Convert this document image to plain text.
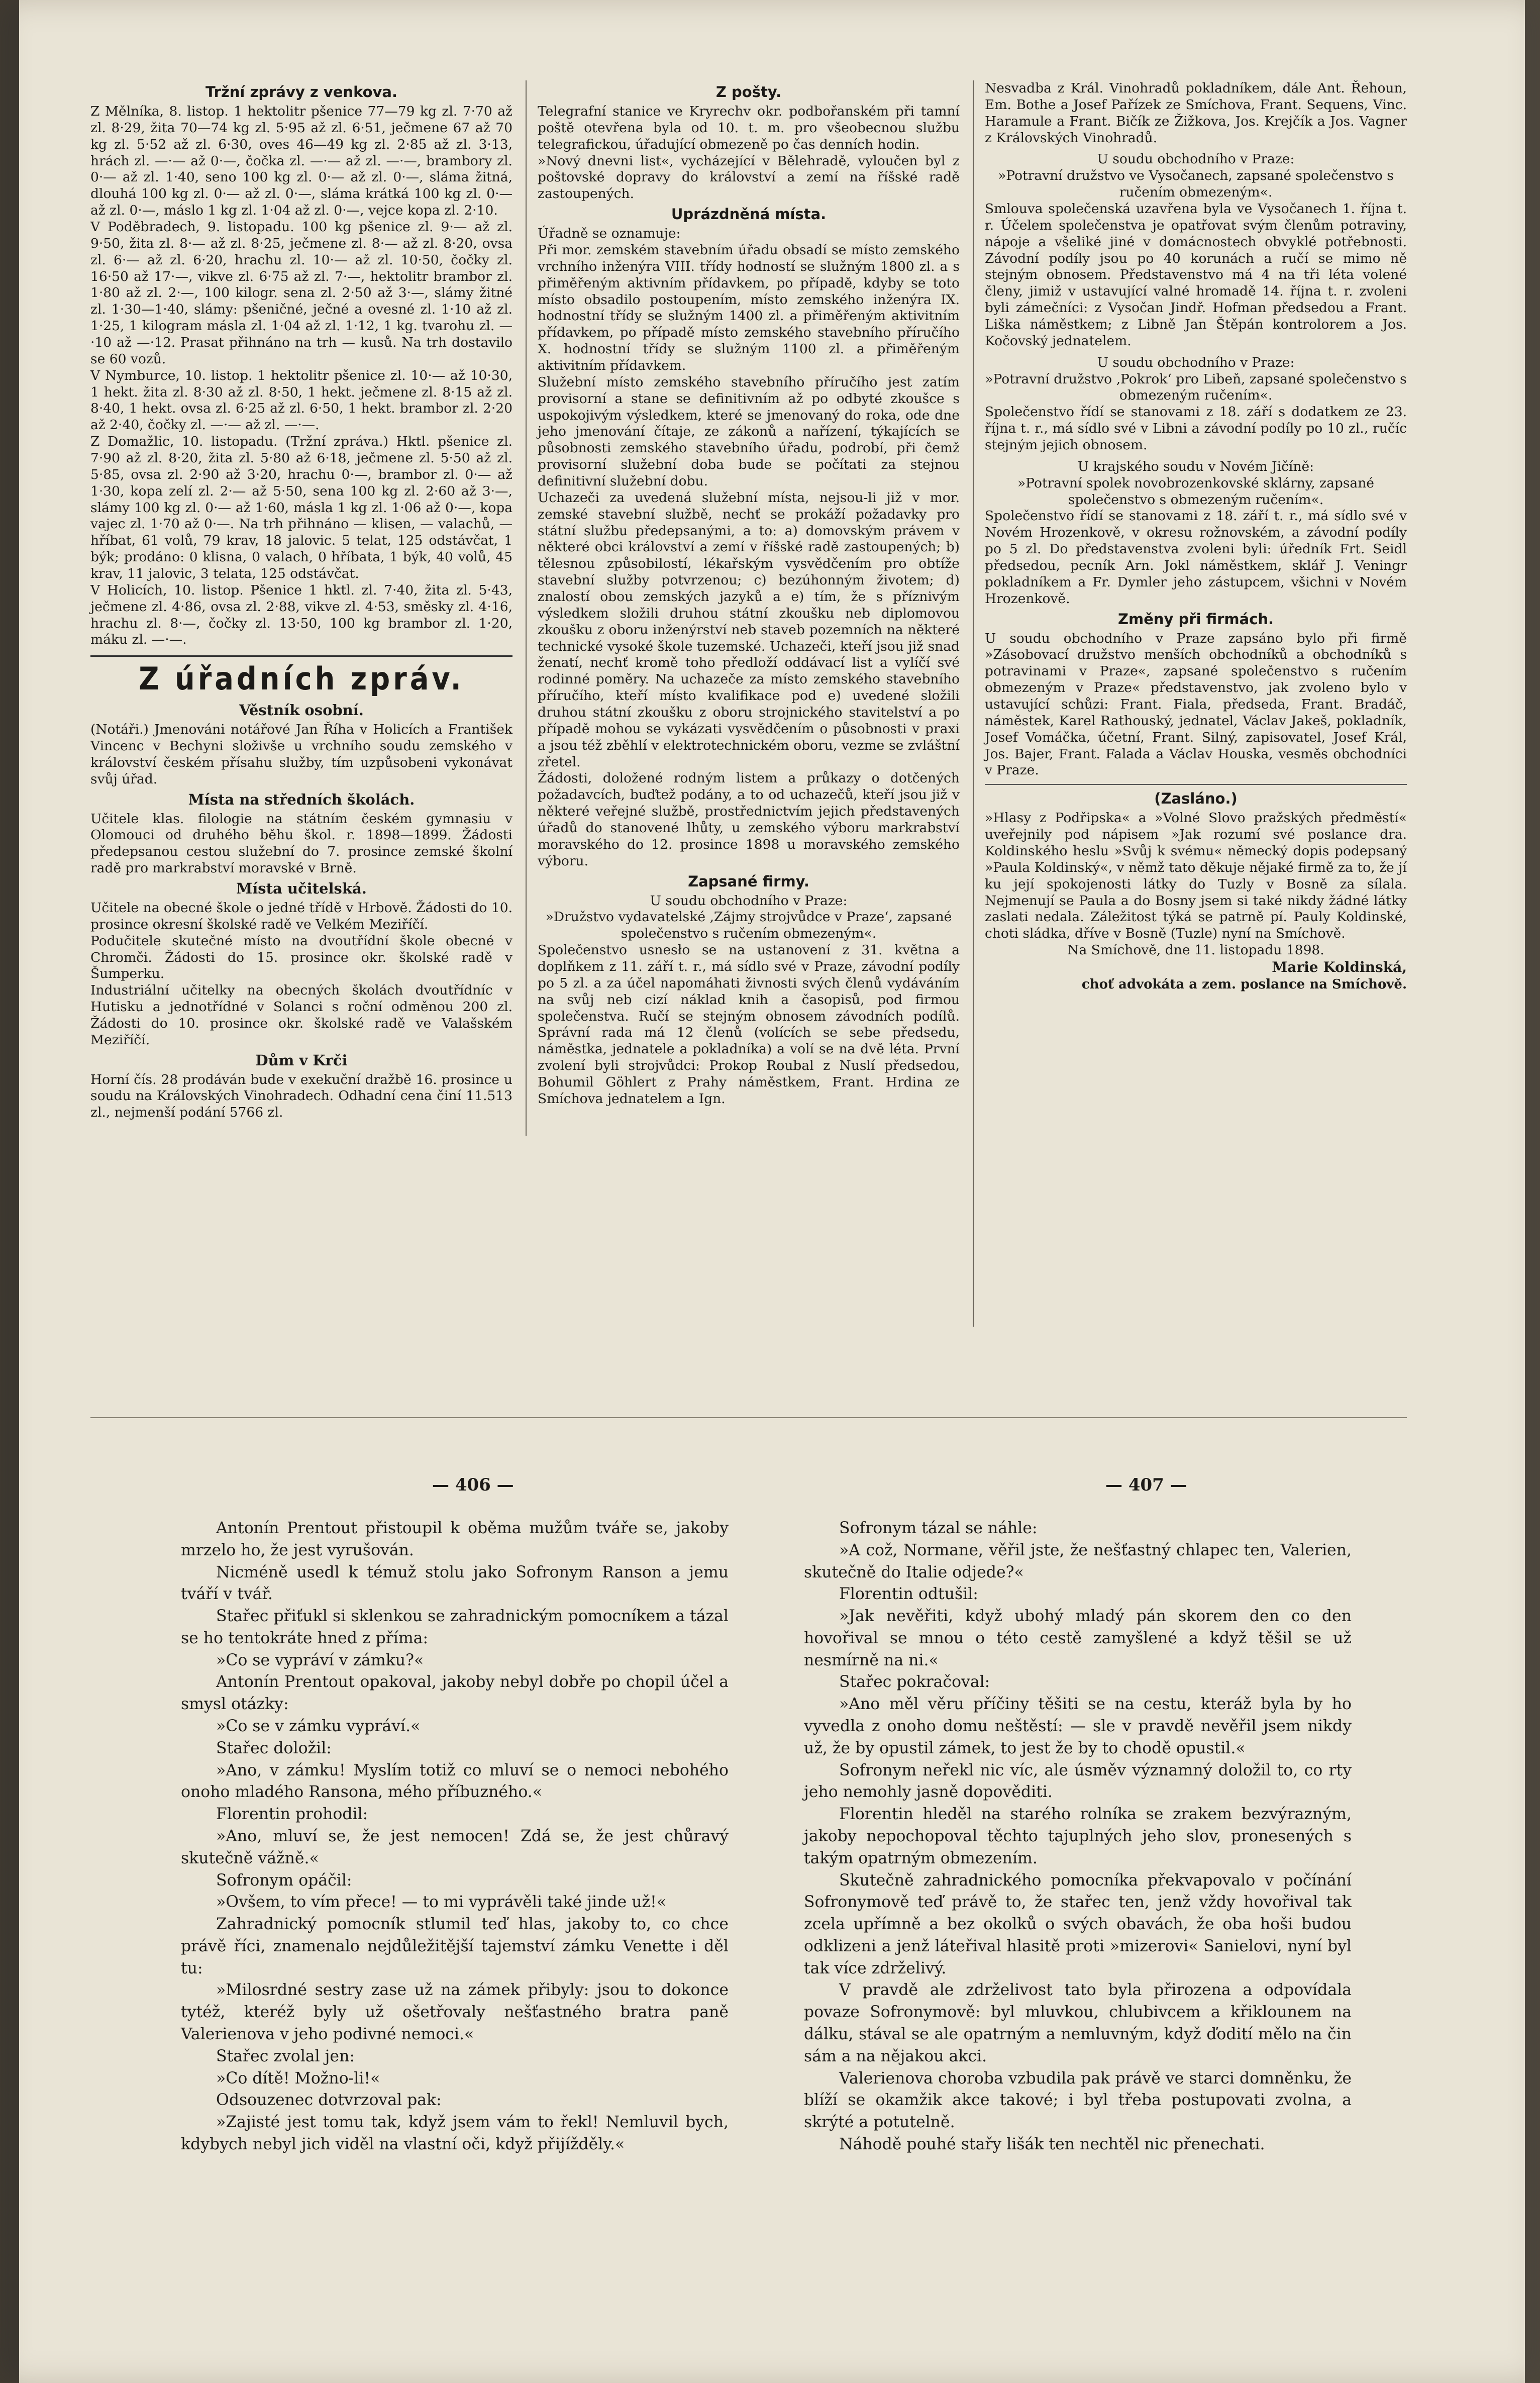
Tržní zprávy z venkova.

Z Mělníka, 8. listop. 1 hektolitr pšenice 77—79 kg zl. 7·70 až zl. 8·29, žita 70—74 kg zl. 5·95 až zl. 6·51, ječmene 67 až 70 kg zl. 5·52 až zl. 6·30, oves 46—49 kg zl. 2·85 až zl. 3·13, hrách zl. —·— až 0·—, čočka zl. —·— až zl. —·—, brambory zl. 0·— až zl. 1·40, seno 100 kg zl. 0·— až zl. 0·—, sláma žitná, dlouhá 100 kg zl. 0·— až zl. 0·—, sláma krátká 100 kg zl. 0·— až zl. 0·—, máslo 1 kg zl. 1·04 až zl. 0·—, vejce kopa zl. 2·10.

V Poděbradech, 9. listopadu. 100 kg pšenice zl. 9·— až zl. 9·50, žita zl. 8·— až zl. 8·25, ječmene zl. 8·— až zl. 8·20, ovsa zl. 6·— až zl. 6·20, hrachu zl. 10·— až zl. 10·50, čočky zl. 16·50 až 17·—, vikve zl. 6·75 až zl. 7·—, hektolitr brambor zl. 1·80 až zl. 2·—, 100 kilogr. sena zl. 2·50 až 3·—, slámy žitné zl. 1·30—1·40, slámy: pšeničné, ječné a ovesné zl. 1·10 až zl. 1·25, 1 kilogram másla zl. 1·04 až zl. 1·12, 1 kg. tvarohu zl. —·10 až —·12. Prasat přihnáno na trh — kusů. Na trh dostavilo se 60 vozů.

V Nymburce, 10. listop. 1 hektolitr pšenice zl. 10·— až 10·30, 1 hekt. žita zl. 8·30 až zl. 8·50, 1 hekt. ječmene zl. 8·15 až zl. 8·40, 1 hekt. ovsa zl. 6·25 až zl. 6·50, 1 hekt. brambor zl. 2·20 až 2·40, čočky zl. —·— až zl. —·—.

Z Domažlic, 10. listopadu. (Tržní zpráva.) Hktl. pšenice zl. 7·90 až zl. 8·20, žita zl. 5·80 až 6·18, ječmene zl. 5·50 až zl. 5·85, ovsa zl. 2·90 až 3·20, hrachu 0·—, brambor zl. 0·— až 1·30, kopa zelí zl. 2·— až 5·50, sena 100 kg zl. 2·60 až 3·—, slámy 100 kg zl. 0·— až 1·60, másla 1 kg zl. 1·06 až 0·—, kopa vajec zl. 1·70 až 0·—. Na trh přihnáno — klisen, — valachů, — hříbat, 61 volů, 79 krav, 18 jalovic. 5 telat, 125 odstávčat, 1 býk; prodáno: 0 klisna, 0 valach, 0 hříbata, 1 býk, 40 volů, 45 krav, 11 jalovic, 3 telata, 125 odstávčat.

V Holicích, 10. listop. Pšenice 1 hktl. zl. 7·40, žita zl. 5·43, ječmene zl. 4·86, ovsa zl. 2·88, vikve zl. 4·53, směsky zl. 4·16, hrachu zl. 8·—, čočky zl. 13·50, 100 kg brambor zl. 1·20, máku zl. —·—.

Z úřadních zpráv.
Věstník osobní.

(Notáři.) Jmenováni notářové Jan Říha v Holicích a František Vincenc v Bechyni složivše u vrchního soudu zemského v království českém přísahu služby, tím uzpůsobeni vykonávat svůj úřad.

Místa na středních školách.

Učitele klas. filologie na státním českém gymnasiu v Olomouci od druhého běhu škol. r. 1898—1899. Žádosti předepsanou cestou služební do 7. prosince zemské školní radě pro markrabství moravské v Brně.

Místa učitelská.

Učitele na obecné škole o jedné třídě v Hrbově. Žádosti do 10. prosince okresní školské radě ve Velkém Meziříčí.

Podučitele skutečné místo na dvoutřídní škole obecné v Chromči. Žádosti do 15. prosince okr. školské radě v Šumperku.

Industriální učitelky na obecných školách dvoutřídníc v Hutisku a jednotřídné v Solanci s roční odměnou 200 zl. Žádosti do 10. prosince okr. školské radě ve Valašském Meziříčí.

Dům v Krči

Horní čís. 28 prodáván bude v exekuční dražbě 16. prosince u soudu na Královských Vinohradech. Odhadní cena činí 11.513 zl., nejmenší podání 5766 zl.

Z pošty.

Telegrafní stanice ve Kryrechv okr. podbořanském při tamní poště otevřena byla od 10. t. m. pro všeobecnou službu telegrafickou, úřadující obmezeně po čas denních hodin.

»Nový dnevni list«, vycházející v Bělehradě, vyloučen byl z poštovské dopravy do království a zemí na říšské radě zastoupených.

Uprázdněná místa.

Úřadně se oznamuje:

Při mor. zemském stavebním úřadu obsadí se místo zemského vrchního inženýra VIII. třídy hodností se služným 1800 zl. a s přiměřeným aktivním přídavkem, po případě, kdyby se toto místo obsadilo postoupením, místo zemského inženýra IX. hodnostní třídy se služným 1400 zl. a přiměřeným aktivitním přídavkem, po případě místo zemského stavebního příručího X. hodnostní třídy se služným 1100 zl. a přiměřeným aktivitním přídavkem.

Služební místo zemského stavebního příručího jest zatím provisorní a stane se definitivním až po odbyté zkoušce s uspokojivým výsledkem, které se jmenovaný do roka, ode dne jeho jmenování čítaje, ze zákonů a nařízení, týkajících se působnosti zemského stavebního úřadu, podrobí, při čemž provisorní služební doba bude se počítati za stejnou definitivní služební dobu.

Uchazeči za uvedená služební místa, nejsou-li již v mor. zemské stavební službě, nechť se prokáží požadavky pro státní službu předepsanými, a to: a) domovským právem v některé obci království a zemí v říšské radě zastoupených; b) tělesnou způsobilostí, lékařským vysvědčením pro obtíže stavební služby potvrzenou; c) bezúhonným životem; d) znalostí obou zemských jazyků a e) tím, že s příznivým výsledkem složili druhou státní zkoušku neb diplomovou zkoušku z oboru inženýrství neb staveb pozemních na některé technické vysoké škole tuzemské. Uchazeči, kteří jsou již snad ženatí, nechť kromě toho předloží oddávací list a vylíčí své rodinné poměry. Na uchazeče za místo zemského stavebního příručího, kteří místo kvalifikace pod e) uvedené složili druhou státní zkoušku z oboru strojnického stavitelství a po případě mohou se vykázati vysvědčením o působnosti v praxi a jsou též zběhlí v elektrotechnickém oboru, vezme se zvláštní zřetel.

Žádosti, doložené rodným listem a průkazy o dotčených požadavcích, buďtež podány, a to od uchazečů, kteří jsou již v některé veřejné službě, prostřednictvím jejich představených úřadů do stanovené lhůty, u zemského výboru markrabství moravského do 12. prosince 1898 u moravského zemského výboru.

Zapsané firmy.

U soudu obchodního v Praze:

»Družstvo vydavatelské ‚Zájmy strojvůdce v Praze‘, zapsané společenstvo s ručením obmezeným«.

Společenstvo usnesło se na ustanovení z 31. května a doplňkem z 11. září t. r., má sídlo své v Praze, závodní podíly po 5 zl. a za účel napomáhati živnosti svých členů vydáváním na svůj neb cizí náklad knih a časopisů, pod firmou společenstva. Ručí se stejným obnosem závodních podílů. Správní rada má 12 členů (volících se sebe předsedu, náměstka, jednatele a pokladníka) a volí se na dvě léta. První zvolení byli strojvůdci: Prokop Roubal z Nuslí předsedou, Bohumil Göhlert z Prahy náměstkem, Frant. Hrdina ze Smíchova jednatelem a Ign.

Nesvadba z Král. Vinohradů pokladníkem, dále Ant. Řehoun, Em. Bothe a Josef Pařízek ze Smíchova, Frant. Sequens, Vinc. Haramule a Frant. Bičík ze Žižkova, Jos. Krejčík a Jos. Vagner z Královských Vinohradů.

U soudu obchodního v Praze:

»Potravní družstvo ve Vysočanech, zapsané společenstvo s ručením obmezeným«.

Smlouva společenská uzavřena byla ve Vysočanech 1. října t. r. Účelem společenstva je opatřovat svým členům potraviny, nápoje a všeliké jiné v domácnostech obvyklé potřebnosti. Závodní podíly jsou po 40 korunách a ručí se mimo ně stejným obnosem. Představenstvo má 4 na tři léta volené členy, jimiž v ustavující valné hromadě 14. října t. r. zvoleni byli zámečníci: z Vysočan Jindř. Hofman předsedou a Frant. Liška náměstkem; z Libně Jan Štěpán kontrolorem a Jos. Kočovský jednatelem.

U soudu obchodního v Praze:

»Potravní družstvo ‚Pokrok‘ pro Libeň, zapsané společenstvo s obmezeným ručením«.

Společenstvo řídí se stanovami z 18. září s dodatkem ze 23. října t. r., má sídlo své v Libni a závodní podíly po 10 zl., ručíc stejným jejich obnosem.

U krajského soudu v Novém Jičíně:

»Potravní spolek novobrozenkovské sklárny, zapsané společenstvo s obmezeným ručením«.

Společenstvo řídí se stanovami z 18. září t. r., má sídlo své v Novém Hrozenkově, v okresu rožnovském, a závodní podíly po 5 zl. Do představenstva zvoleni byli: úředník Frt. Seidl předsedou, pecník Arn. Jokl náměstkem, sklář J. Veningr pokladníkem a Fr. Dymler jeho zástupcem, všichni v Novém Hrozenkově.

Změny při firmách.

U soudu obchodního v Praze zapsáno bylo při firmě »Zásobovací družstvo menších obchodníků a obchodníků s potravinami v Praze«, zapsané společenstvo s ručením obmezeným v Praze« představenstvo, jak zvoleno bylo v ustavující schůzi: Frant. Fiala, předseda, Frant. Bradáč, náměstek, Karel Rathouský, jednatel, Václav Jakeš, pokladník, Josef Vomáčka, účetní, Frant. Silný, zapisovatel, Josef Král, Jos. Bajer, Frant. Falada a Václav Houska, vesměs obchodníci v Praze.

(Zasláno.)

»Hlasy z Podřipska« a »Volné Slovo pražských předměstí« uveřejnily pod nápisem »Jak rozumí své poslance dra. Koldinského heslu »Svůj k svému« německý dopis podepsaný »Paula Koldinský«, v němž tato děkuje nějaké firmě za to, že jí ku její spokojenosti látky do Tuzly v Bosně za sílala. Nejmenují se Paula a do Bosny jsem si také nikdy žádné látky zaslati nedala. Záležitost týká se patrně pí. Pauly Koldinské, choti sládka, dříve v Bosně (Tuzle) nyní na Smíchově.

Na Smíchově, dne 11. listopadu 1898.

Marie Koldinská,

choť advokáta a zem. poslance na Smíchově.

— 406 —	— 407 —

Antonín Prentout přistoupil k oběma mužům tváře se, jakoby mrzelo ho, že jest vyrušován.

Nicméně usedl k témuž stolu jako Sofronym Ranson a jemu tváří v tvář.

Stařec přiťukl si sklenkou se zahradnickým pomocníkem a tázal se ho tentokráte hned z příma:

»Co se vypráví v zámku?«

Antonín Prentout opakoval, jakoby nebyl dobře po chopil účel a smysl otázky:

»Co se v zámku vypráví.«

Stařec doložil:

»Ano, v zámku! Myslím totiž co mluví se o nemoci nebohého onoho mladého Ransona, mého příbuzného.«

Florentin prohodil:

»Ano, mluví se, že jest nemocen! Zdá se, že jest chůravý skutečně vážně.«

Sofronym opáčil:

»Ovšem, to vím přece! — to mi vyprávěli také jinde už!«

Zahradnický pomocník stlumil teď hlas, jakoby to, co chce právě říci, znamenalo nejdůležitější tajemství zámku Venette i děl tu:

»Milosrdné sestry zase už na zámek přibyly: jsou to dokonce tytéž, kteréž byly už ošetřovaly nešťastného bratra paně Valerienova v jeho podivné nemoci.«

Stařec zvolal jen:

»Co dítě! Možno-li!«

Odsouzenec dotvrzoval pak:

»Zajisté jest tomu tak, když jsem vám to řekl! Nemluvil bych, kdybych nebyl jich viděl na vlastní oči, když přijížděly.«

Sofronym tázal se náhle:

»A což, Normane, věřil jste, že nešťastný chlapec ten, Valerien, skutečně do Italie odjede?«

Florentin odtušil:

»Jak nevěřiti, když ubohý mladý pán skorem den co den hovořival se mnou o této cestě zamyšlené a když těšil se už nesmírně na ni.«

Stařec pokračoval:

»Ano měl věru příčiny těšiti se na cestu, kteráž byla by ho vyvedla z onoho domu neštěstí: — sle v pravdě nevěřil jsem nikdy už, že by opustil zámek, to jest že by to chodě opustil.«

Sofronym neřekl nic víc, ale úsměv významný doložil to, co rty jeho nemohly jasně dopověditi.

Florentin hleděl na starého rolníka se zrakem bezvýrazným, jakoby nepochopoval těchto tajuplných jeho slov, pronesených s takým opatrným obmezením.

Skutečně zahradnického pomocníka překvapovalo v počínání Sofronymově teď právě to, že stařec ten, jenž vždy hovořival tak zcela upřímně a bez okolků o svých obavách, že oba hoši budou odklizeni a jenž láteřival hlasitě proti »mizerovi« Sanielovi, nyní byl tak více zdrželivý.

V pravdě ale zdrželivost tato byla přirozena a odpovídala povaze Sofronymově: byl mluvkou, chlubivcem a křiklounem na dálku, stával se ale opatrným a nemluvným, když ďodití mělo na čin sám a na nějakou akci.

Valerienova choroba vzbudila pak právě ve starci domněnku, že blíží se okamžik akce takové; i byl třeba postupovati zvolna, a skrýté a potutelně.

Náhodě pouhé stařy lišák ten nechtěl nic přenechati.
